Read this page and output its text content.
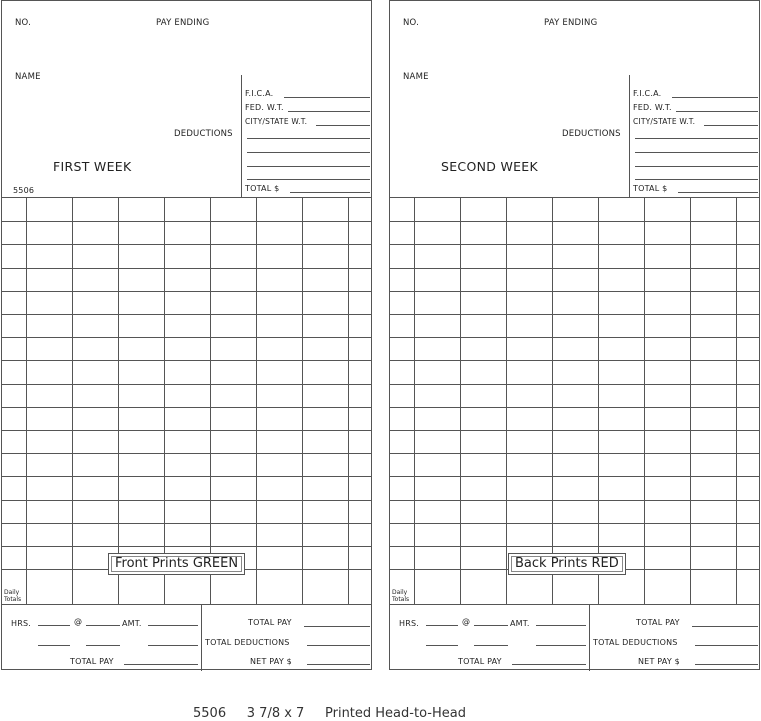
NO.	PAY ENDING
NAME
DEDUCTIONS
FIRST WEEK
5506
F.I.C.A.
FED. W.T.
CITY/STATE W.T.
TOTAL $
Daily
Totals
Front Prints GREEN
HRS.	@	AMT.
TOTAL PAY
TOTAL PAY
TOTAL DEDUCTIONS
NET PAY $
NO.	PAY ENDING
NAME
DEDUCTIONS
SECOND WEEK
F.I.C.A.
FED. W.T.
CITY/STATE W.T.
TOTAL $
Daily
Totals
Back Prints RED
HRS.	@	AMT.
TOTAL PAY
TOTAL PAY
TOTAL DEDUCTIONS
NET PAY $
5506 3 7/8 x 7 Printed Head-to-Head
